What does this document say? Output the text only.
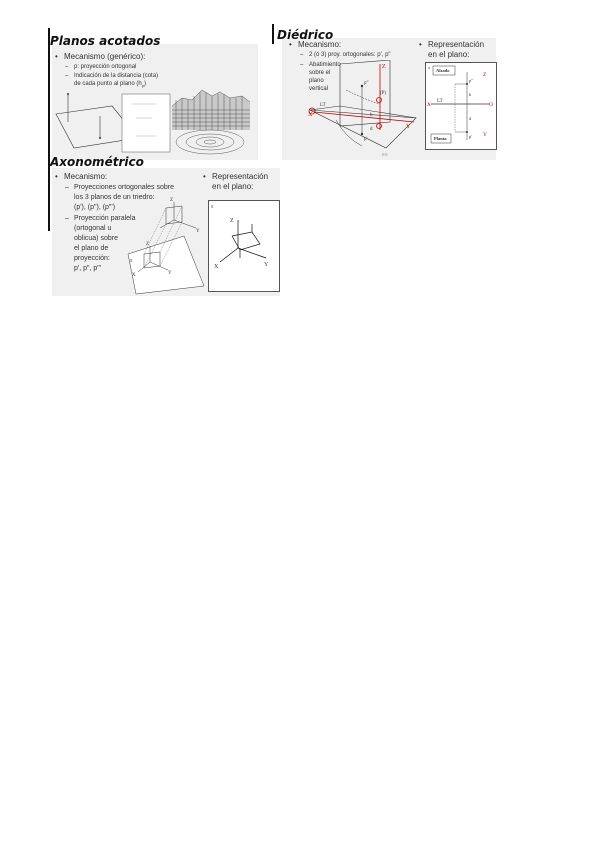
Planos acotados
• Mecanismo (genérico):
– p: proyección ortogonal
– Indicación de la distancia (cota)
de cada punto al plano $(h_p)$
Diédrico
• Mecanismo:
– 2 (ó 3) proy. ortogonales: p', p"
– Abatimiento
sobre el
plano
vertical
• Representación
en el plano:
Z
p"
(P)
LT
p'
X
Y
h
d
eo
π
Alzado
Planta
p"
p'
LT
X	O
Z
Y
h
d
Axonométrico
• Mecanismo:
– Proyecciones ortogonales sobre
los 3 planos de un triedro:
(p'), (p"), (p"')
– Proyección paralela
(ortogonal u
oblicua) sobre
el plano de
proyección:
p', p", p"'
• Representación
en el plano:
Z
Y
Z
X	Y
π
π
Z
X	Y
